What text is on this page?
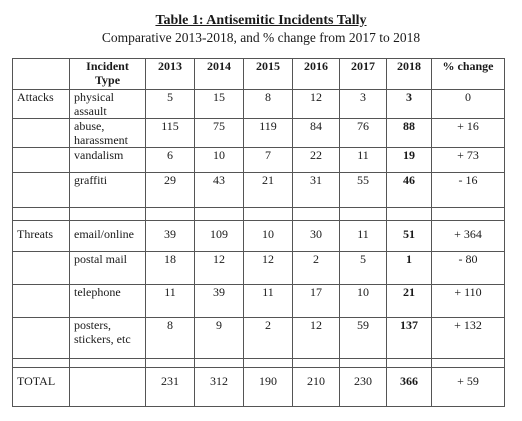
Table 1: Antisemitic Incidents Tally
Comparative 2013-2018, and % change from 2017 to 2018
	Incident Type	2013	2014	2015	2016	2017	2018	% change
Attacks	physical assault	5	15	8	12	3	3	0
	abuse, harassment	115	75	119	84	76	88	+ 16
	vandalism	6	10	7	22	11	19	+ 73
	graffiti	29	43	21	31	55	46	- 16

Threats	email/online	39	109	10	30	11	51	+ 364
	postal mail	18	12	12	2	5	1	- 80
	telephone	11	39	11	17	10	21	+ 110
	posters, stickers, etc	8	9	2	12	59	137	+ 132

TOTAL		231	312	190	210	230	366	+ 59
